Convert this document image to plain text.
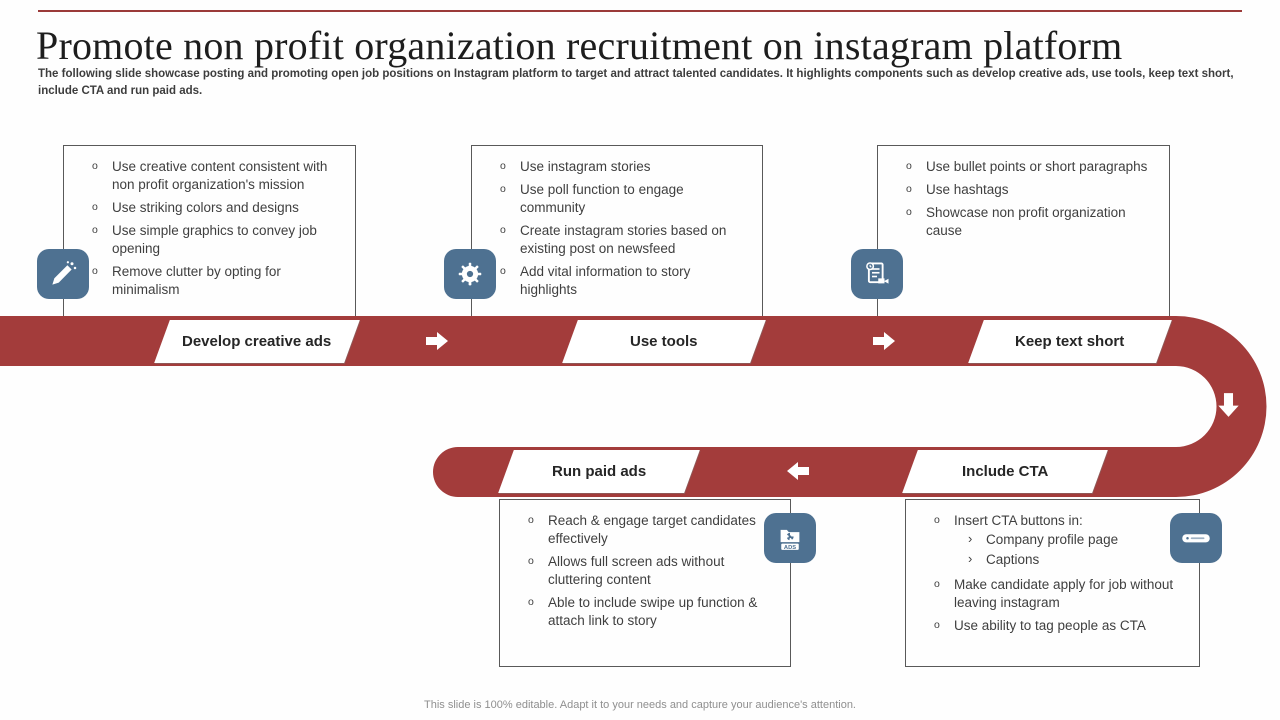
Promote non profit organization recruitment on instagram platform

The following slide showcase posting and promoting open job positions on Instagram platform to target and attract talented candidates. It highlights components such as develop creative ads, use tools, keep text short, include CTA and run paid ads.

o	Use creative content consistent with non profit organization's mission
o	Use striking colors and designs
o	Use simple graphics to convey job opening
o	Remove clutter by opting for minimalism
o	Use instagram stories
o	Use poll function to engage community
o	Create instagram stories based on existing post on newsfeed
o	Add vital information to story highlights
o	Use bullet points or short paragraphs
o	Use hashtags
o	Showcase non profit organization cause
o	Reach & engage target candidates effectively
o	Allows full screen ads without cluttering content
o	Able to include swipe up function & attach link to story
o	Insert CTA buttons in:
›	Company profile page
›	Captions
o	Make candidate apply for job without leaving instagram
o	Use ability to tag people as CTA
Develop creative ads	Use tools	Keep text short
Include CTA
Run paid ads
ADS

This slide is 100% editable. Adapt it to your needs and capture your audience's attention.
